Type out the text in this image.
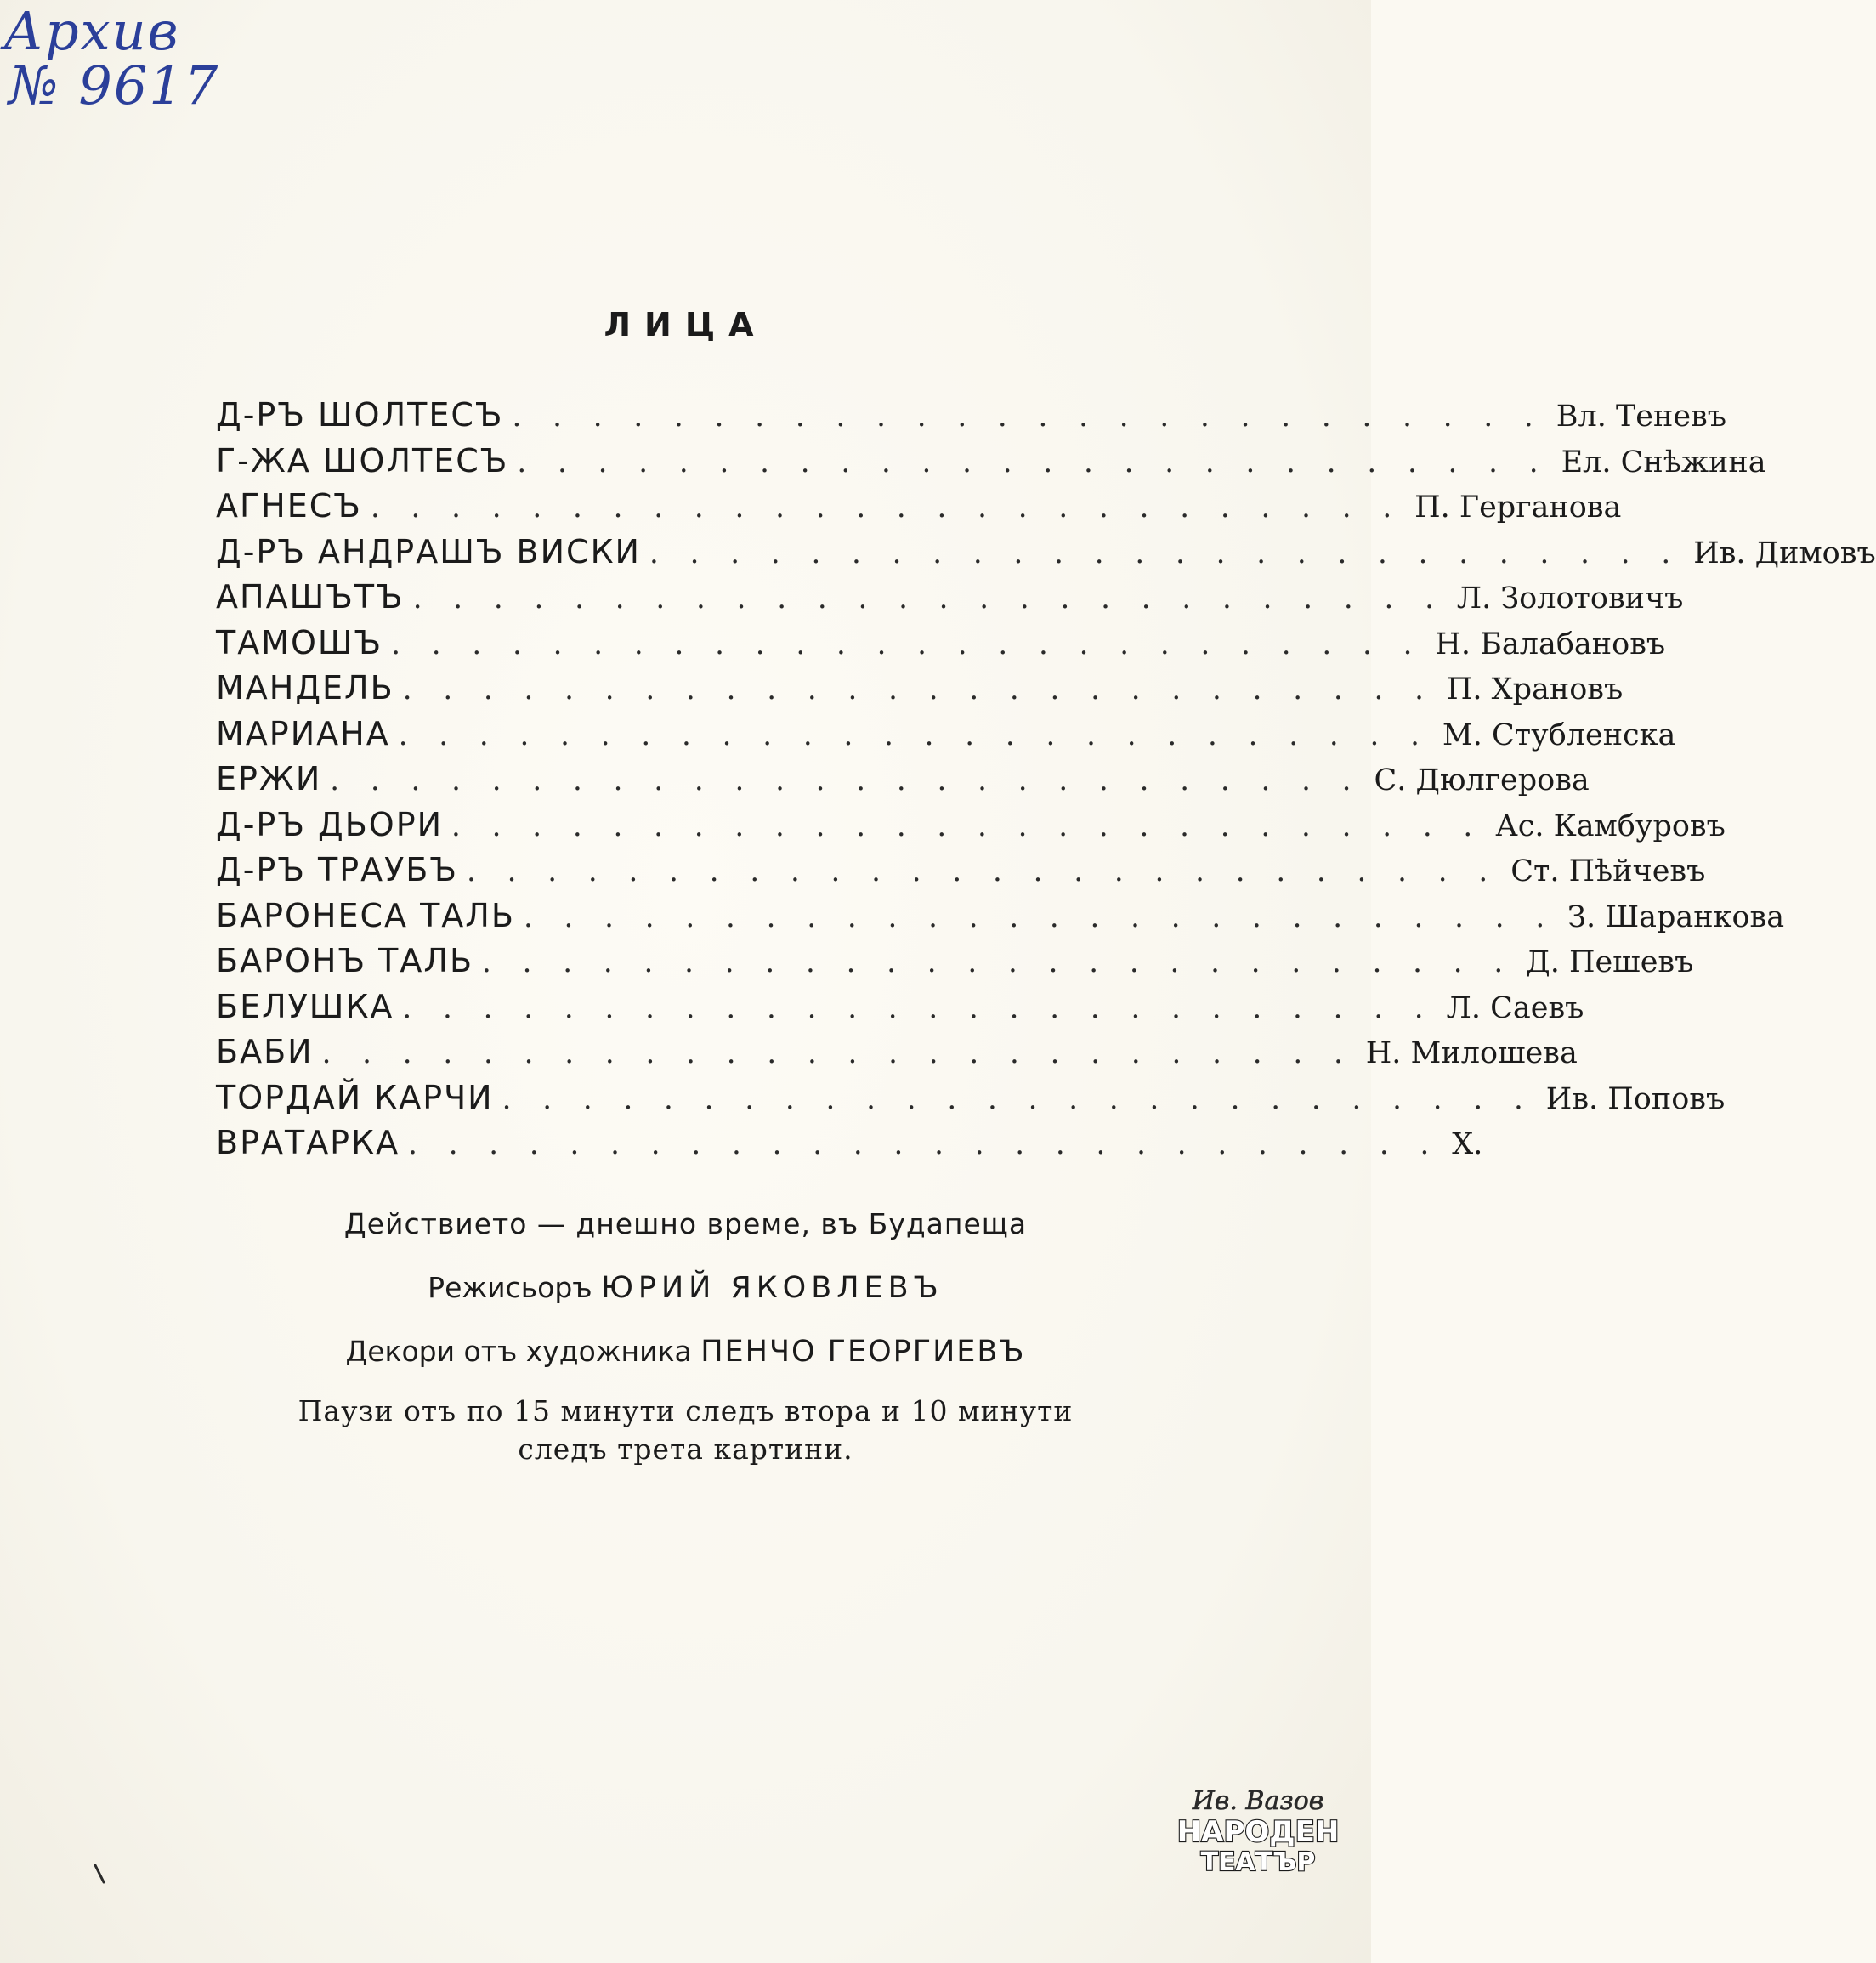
Архив
№ 9617
ЛИЦА
Д-РЪ ШОЛТЕСЪ . . . . . . . . . . . . . . . . . . . . . . . . . . Вл. Теневъ
Г-ЖА ШОЛТЕСЪ . . . . . . . . . . . . . . . . . . . . . . . . . . Ел. Снѣжина
АГНЕСЪ . . . . . . . . . . . . . . . . . . . . . . . . . . П. Герганова
Д-РЪ АНДРАШЪ ВИСКИ . . . . . . . . . . . . . . . . . . . . . . . . . . Ив. Димовъ
АПАШЪТЪ . . . . . . . . . . . . . . . . . . . . . . . . . . Л. Золотовичъ
ТАМОШЪ . . . . . . . . . . . . . . . . . . . . . . . . . . Н. Балабановъ
МАНДЕЛЬ . . . . . . . . . . . . . . . . . . . . . . . . . . П. Храновъ
МАРИАНА . . . . . . . . . . . . . . . . . . . . . . . . . . М. Стубленска
ЕРЖИ . . . . . . . . . . . . . . . . . . . . . . . . . . С. Дюлгерова
Д-РЪ ДЬОРИ . . . . . . . . . . . . . . . . . . . . . . . . . . Ас. Камбуровъ
Д-РЪ ТРАУБЪ . . . . . . . . . . . . . . . . . . . . . . . . . . Ст. Пѣйчевъ
БАРОНЕСА ТАЛЬ . . . . . . . . . . . . . . . . . . . . . . . . . . З. Шаранкова
БАРОНЪ ТАЛЬ . . . . . . . . . . . . . . . . . . . . . . . . . . Д. Пешевъ
БЕЛУШКА . . . . . . . . . . . . . . . . . . . . . . . . . . Л. Саевъ
БАБИ . . . . . . . . . . . . . . . . . . . . . . . . . . Н. Милошева
ТОРДАЙ КАРЧИ . . . . . . . . . . . . . . . . . . . . . . . . . . Ив. Поповъ
ВРАТАРКА . . . . . . . . . . . . . . . . . . . . . . . . . . Х.
Действието — днешно време, въ Будапеща
Режисьоръ ЮРИЙ ЯКОВЛЕВЪ
Декори отъ художника ПЕНЧО ГЕОРГИЕВЪ
Паузи отъ по 15 минути следъ втора и 10 минути
следъ трета картини.
Ив. Вазов
НАРОДЕН
ТЕАТЪР
